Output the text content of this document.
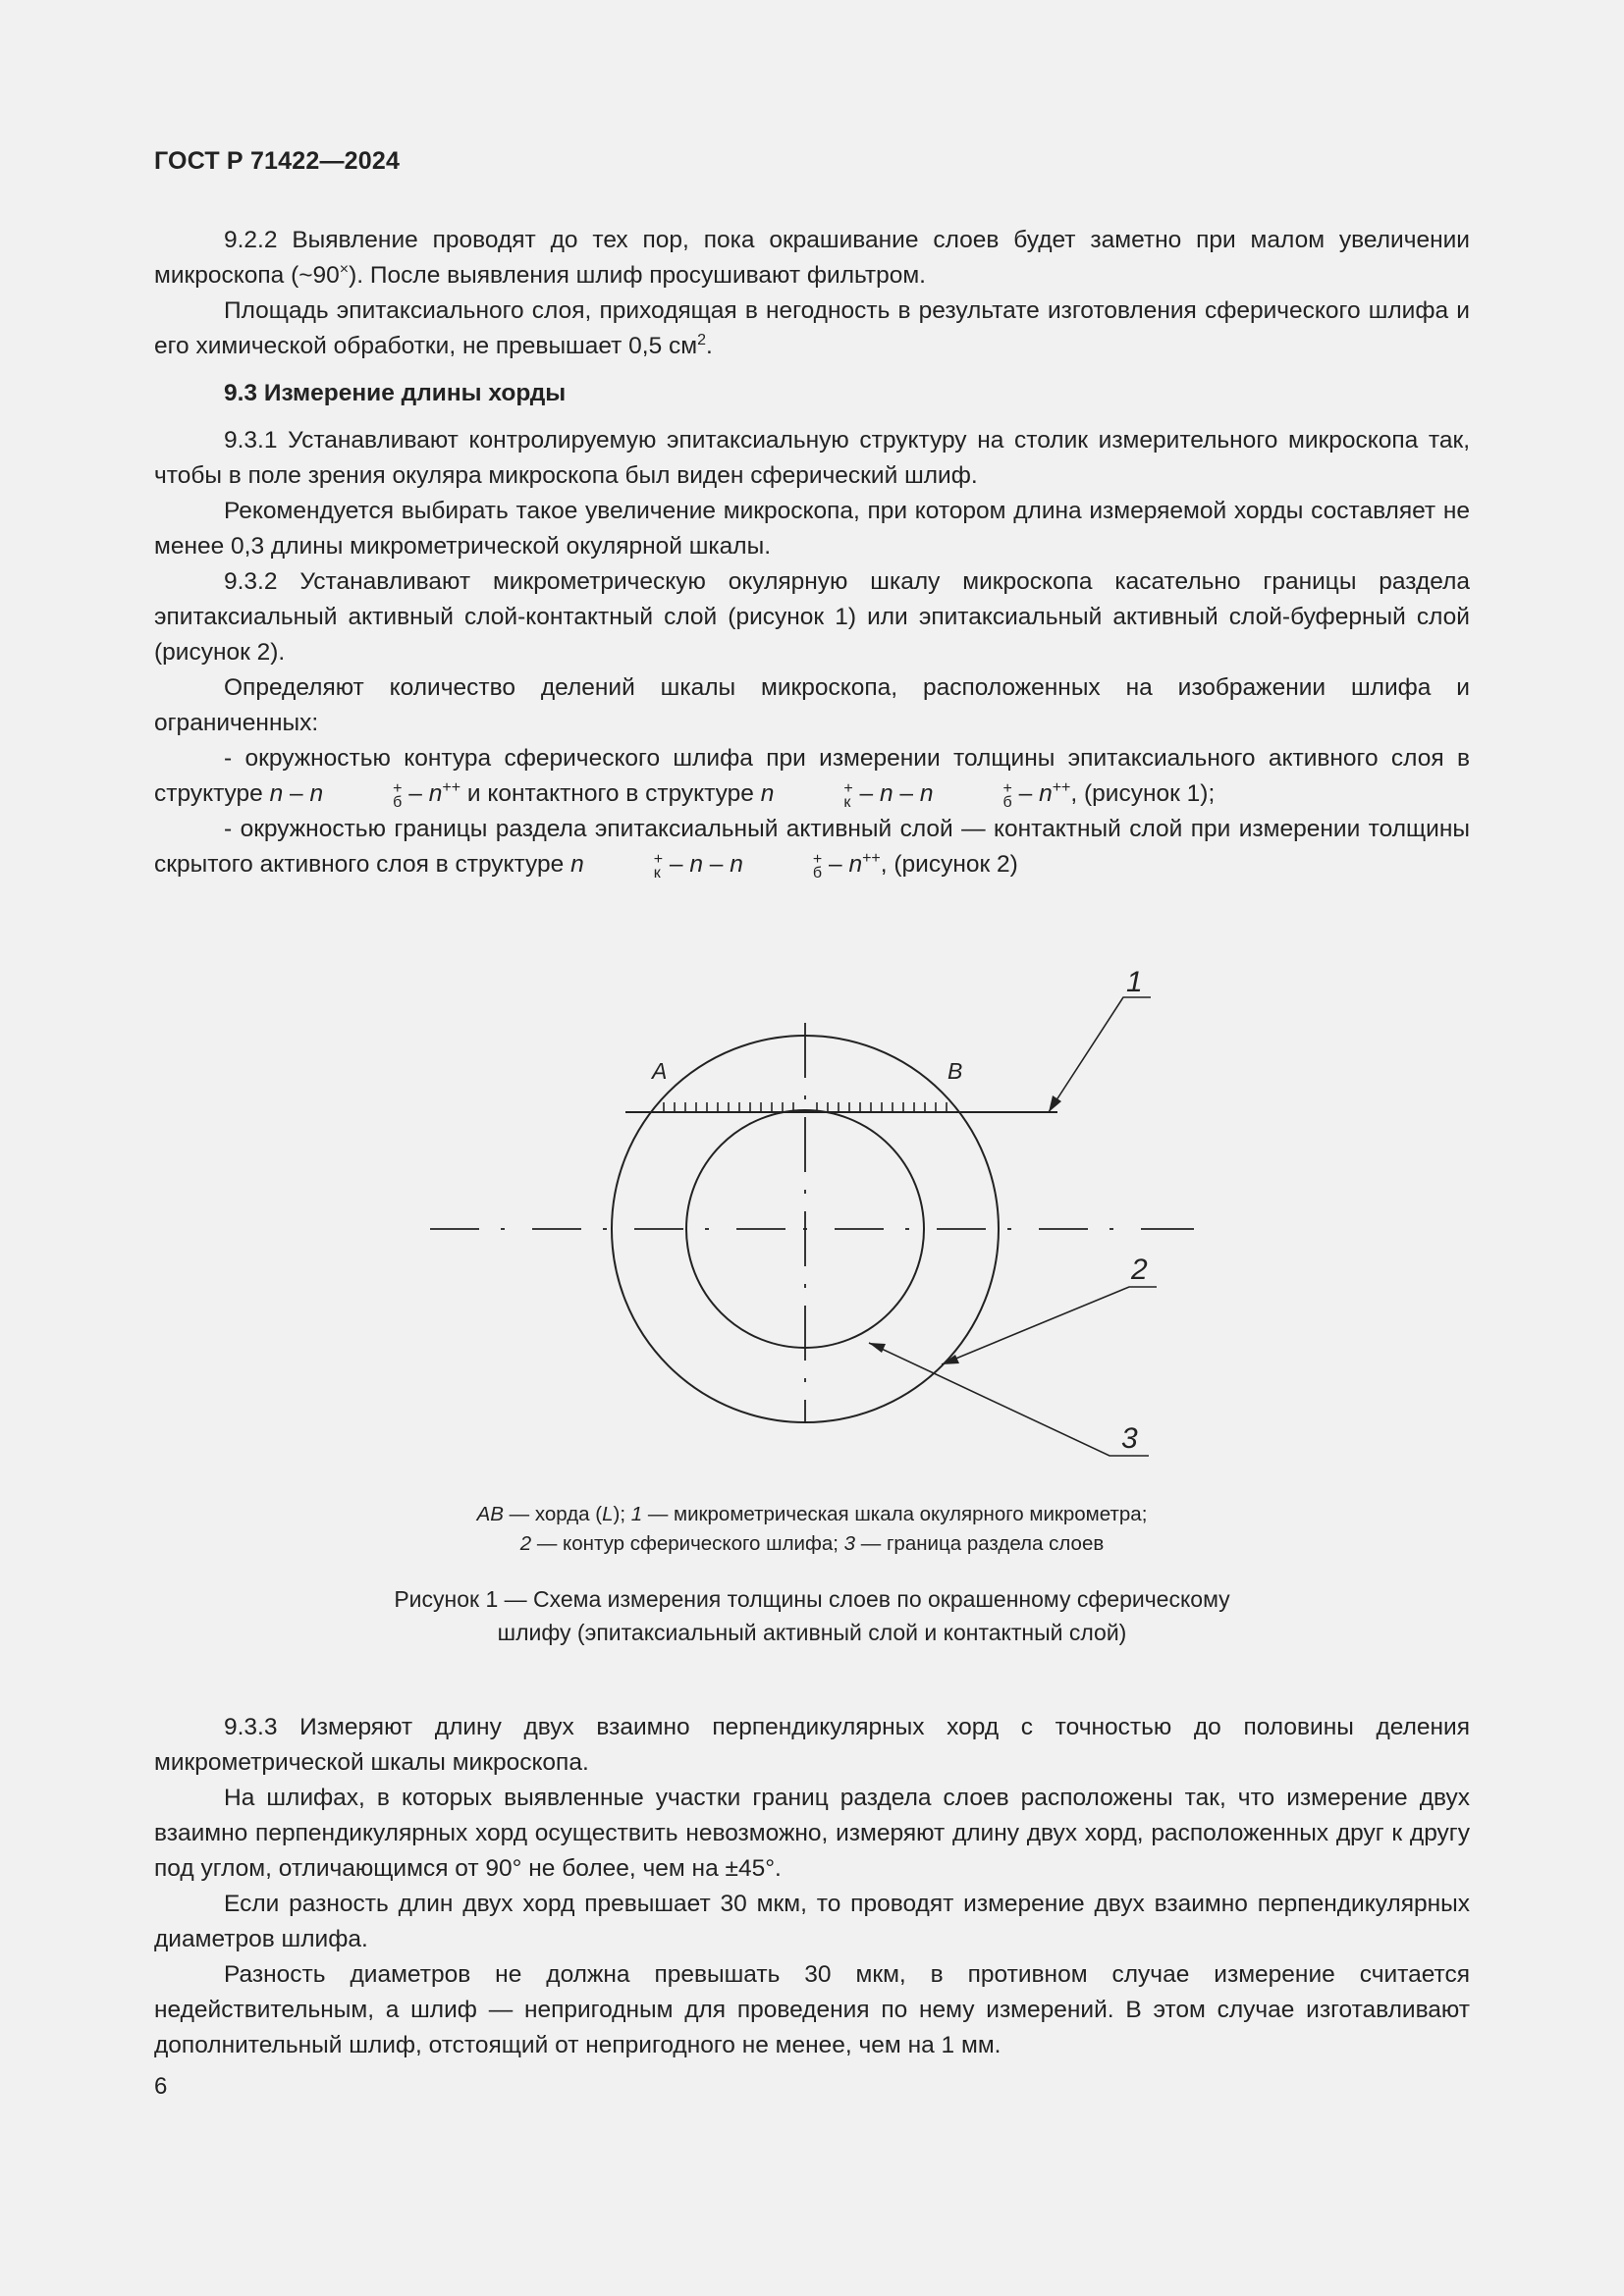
ГОСТ Р 71422—2024

9.2.2 Выявление проводят до тех пор, пока окрашивание слоев будет заметно при малом увеличении микроскопа (~90×). После выявления шлиф просушивают фильтром.

Площадь эпитаксиального слоя, приходящая в негодность в результате изготовления сферического шлифа и его химической обработки, не превышает 0,5 $см^2$.

9.3 Измерение длины хорды

9.3.1 Устанавливают контролируемую эпитаксиальную структуру на столик измерительного микроскопа так, чтобы в поле зрения окуляра микроскопа был виден сферический шлиф.

Рекомендуется выбирать такое увеличение микроскопа, при котором длина измеряемой хорды составляет не менее 0,3 длины микрометрической окулярной шкалы.

9.3.2 Устанавливают микрометрическую окулярную шкалу микроскопа касательно границы раздела эпитаксиальный активный слой-контактный слой (рисунок 1) или эпитаксиальный активный слой-буферный слой (рисунок 2).

Определяют количество делений шкалы микроскопа, расположенных на изображении шлифа и ограниченных:

- окружностью контура сферического шлифа при измерении толщины эпитаксиального активного слоя в структуре n – n	+
б – n++ и контактного в структуре n	+
к – n – n	+
б – n++, (рисунок 1);

- окружностью границы раздела эпитаксиальный активный слой — контактный слой при измерении толщины скрытого активного слоя в структуре n	+
к – n – n	+
б – n++, (рисунок 2)

A	B
1
2
3
AB — хорда (L); 1 — микрометрическая шкала окулярного микрометра;
2 — контур сферического шлифа; 3 — граница раздела слоев
Рисунок 1 — Схема измерения толщины слоев по окрашенному сферическому шлифу (эпитаксиальный активный слой и контактный слой)

9.3.3 Измеряют длину двух взаимно перпендикулярных хорд с точностью до половины деления микрометрической шкалы микроскопа.

На шлифах, в которых выявленные участки границ раздела слоев расположены так, что измерение двух взаимно перпендикулярных хорд осуществить невозможно, измеряют длину двух хорд, расположенных друг к другу под углом, отличающимся от 90° не более, чем на ±45°.

Если разность длин двух хорд превышает 30 мкм, то проводят измерение двух взаимно перпендикулярных диаметров шлифа.

Разность диаметров не должна превышать 30 мкм, в противном случае измерение считается недействительным, а шлиф — непригодным для проведения по нему измерений. В этом случае изготавливают дополнительный шлиф, отстоящий от непригодного не менее, чем на 1 мм.

6
